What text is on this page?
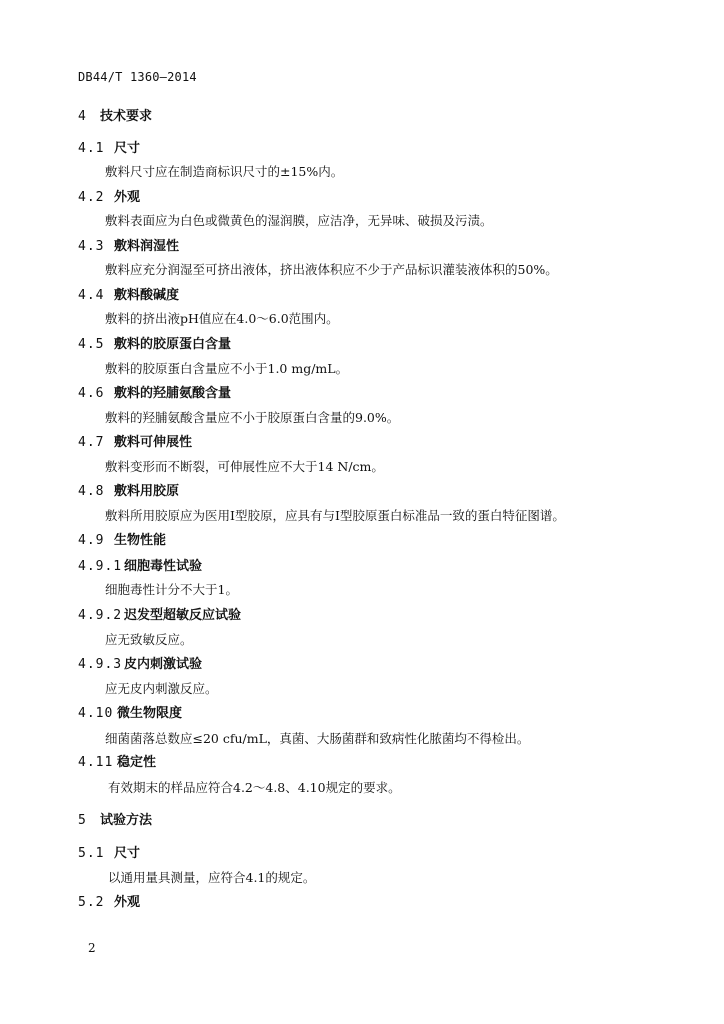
DB44/T 1360—2014
4 技术要求
4.1 尺寸
敷料尺寸应在制造商标识尺寸的±15%内。
4.2 外观
敷料表面应为白色或微黄色的湿润膜，应洁净，无异味、破损及污渍。
4.3 敷料润湿性
敷料应充分润湿至可挤出液体，挤出液体积应不少于产品标识灌装液体积的50%。
4.4 敷料酸碱度
敷料的挤出液pH值应在4.0～6.0范围内。
4.5 敷料的胶原蛋白含量
敷料的胶原蛋白含量应不小于1.0 mg/mL。
4.6 敷料的羟脯氨酸含量
敷料的羟脯氨酸含量应不小于胶原蛋白含量的9.0%。
4.7 敷料可伸展性
敷料变形而不断裂，可伸展性应不大于14 N/cm。
4.8 敷料用胶原
敷料所用胶原应为医用Ⅰ型胶原，应具有与Ⅰ型胶原蛋白标准品一致的蛋白特征图谱。
4.9 生物性能
4.9.1 细胞毒性试验
细胞毒性计分不大于1。
4.9.2 迟发型超敏反应试验
应无致敏反应。
4.9.3 皮内刺激试验
应无皮内刺激反应。
4.10 微生物限度
细菌菌落总数应≤20 cfu/mL，真菌、大肠菌群和致病性化脓菌均不得检出。
4.11 稳定性
有效期末的样品应符合4.2～4.8、4.10规定的要求。
5 试验方法
5.1 尺寸
以通用量具测量，应符合4.1的规定。
5.2 外观
2
